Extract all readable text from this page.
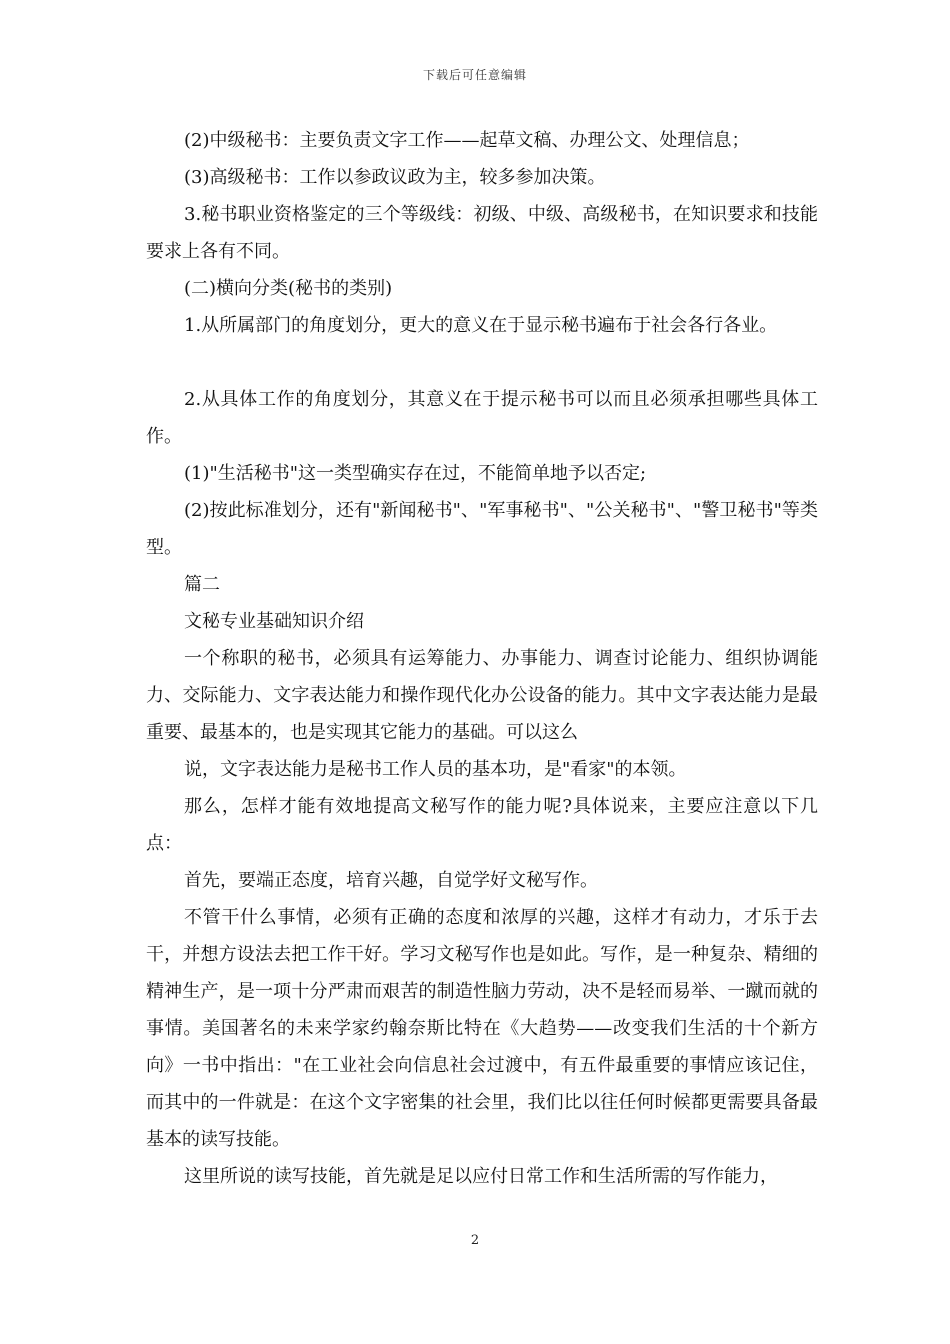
下载后可任意编辑

(2)中级秘书：主要负责文字工作——起草文稿、办理公文、处理信息；

(3)高级秘书：工作以参政议政为主，较多参加决策。

3.秘书职业资格鉴定的三个等级线：初级、中级、高级秘书，在知识要求和技能要求上各有不同。

(二)横向分类(秘书的类别)

1.从所属部门的角度划分，更大的意义在于显示秘书遍布于社会各行各业。

2.从具体工作的角度划分，其意义在于提示秘书可以而且必须承担哪些具体工作。

(1)"生活秘书"这一类型确实存在过，不能简单地予以否定;

(2)按此标准划分，还有"新闻秘书"、"军事秘书"、"公关秘书"、"警卫秘书"等类型。

篇二

文秘专业基础知识介绍

一个称职的秘书，必须具有运筹能力、办事能力、调查讨论能力、组织协调能力、交际能力、文字表达能力和操作现代化办公设备的能力。其中文字表达能力是最重要、最基本的，也是实现其它能力的基础。可以这么

说，文字表达能力是秘书工作人员的基本功，是"看家"的本领。

那么，怎样才能有效地提高文秘写作的能力呢?具体说来，主要应注意以下几点：

首先，要端正态度，培育兴趣，自觉学好文秘写作。

不管干什么事情，必须有正确的态度和浓厚的兴趣，这样才有动力，才乐于去干，并想方设法去把工作干好。学习文秘写作也是如此。写作，是一种复杂、精细的精神生产，是一项十分严肃而艰苦的制造性脑力劳动，决不是轻而易举、一蹴而就的事情。美国著名的未来学家约翰奈斯比特在《大趋势——改变我们生活的十个新方向》一书中指出："在工业社会向信息社会过渡中，有五件最重要的事情应该记住，而其中的一件就是：在这个文字密集的社会里，我们比以往任何时候都更需要具备最基本的读写技能。

这里所说的读写技能，首先就是足以应付日常工作和生活所需的写作能力，

2
